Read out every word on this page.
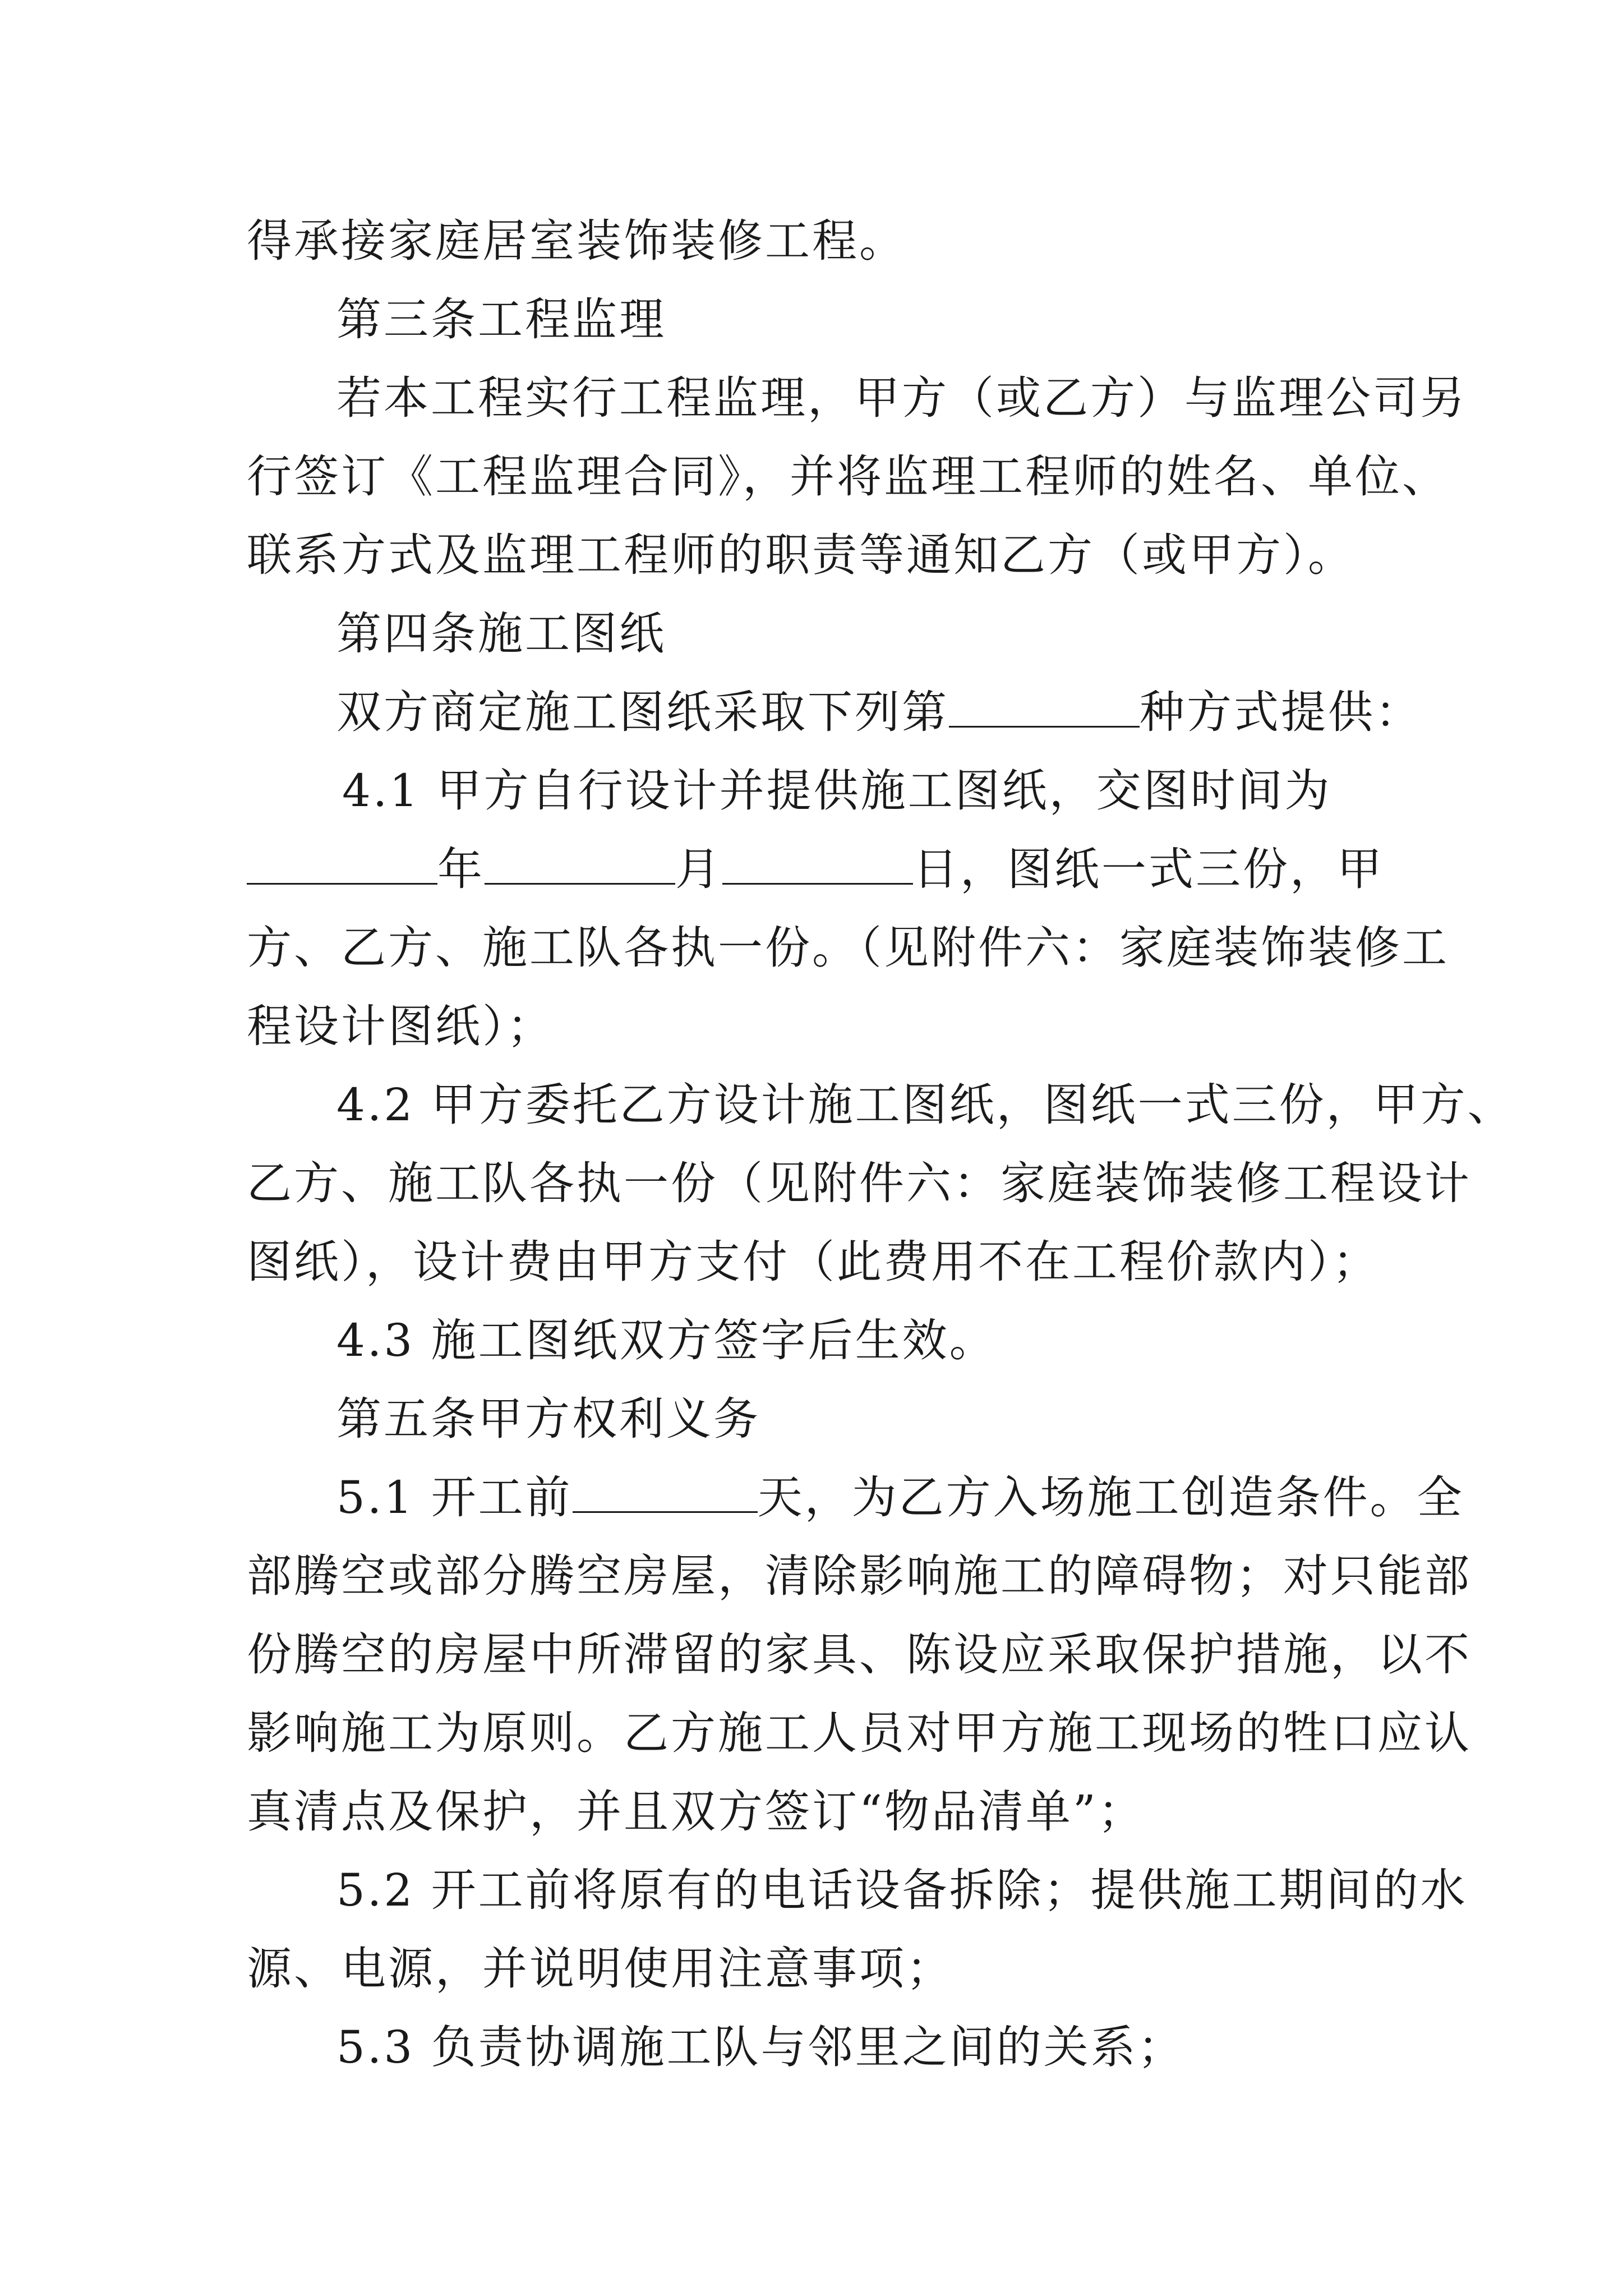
得承接家庭居室装饰装修工程。
第三条工程监理
若本工程实行工程监理，甲方（或乙方）与监理公司另
行签订《工程监理合同》，并将监理工程师的姓名、单位、
联系方式及监理工程师的职责等通知乙方（或甲方）。
第四条施工图纸
双方商定施工图纸采取下列第	种方式提供：
4.1 甲方自行设计并提供施工图纸，交图时间为
年	月	日，图纸一式三份，甲
方、乙方、施工队各执一份。（见附件六：家庭装饰装修工
程设计图纸）；
4.2 甲方委托乙方设计施工图纸，图纸一式三份，甲方、
乙方、施工队各执一份（见附件六：家庭装饰装修工程设计
图纸），设计费由甲方支付（此费用不在工程价款内）；
4.3 施工图纸双方签字后生效。
第五条甲方权利义务
5.1 开工前	天，为乙方入场施工创造条件。全
部腾空或部分腾空房屋，清除影响施工的障碍物；对只能部
份腾空的房屋中所滞留的家具、陈设应采取保护措施，以不
影响施工为原则。乙方施工人员对甲方施工现场的牲口应认
真清点及保护，并且双方签订“物品清单”；
5.2 开工前将原有的电话设备拆除；提供施工期间的水
源、电源，并说明使用注意事项；
5.3 负责协调施工队与邻里之间的关系；
